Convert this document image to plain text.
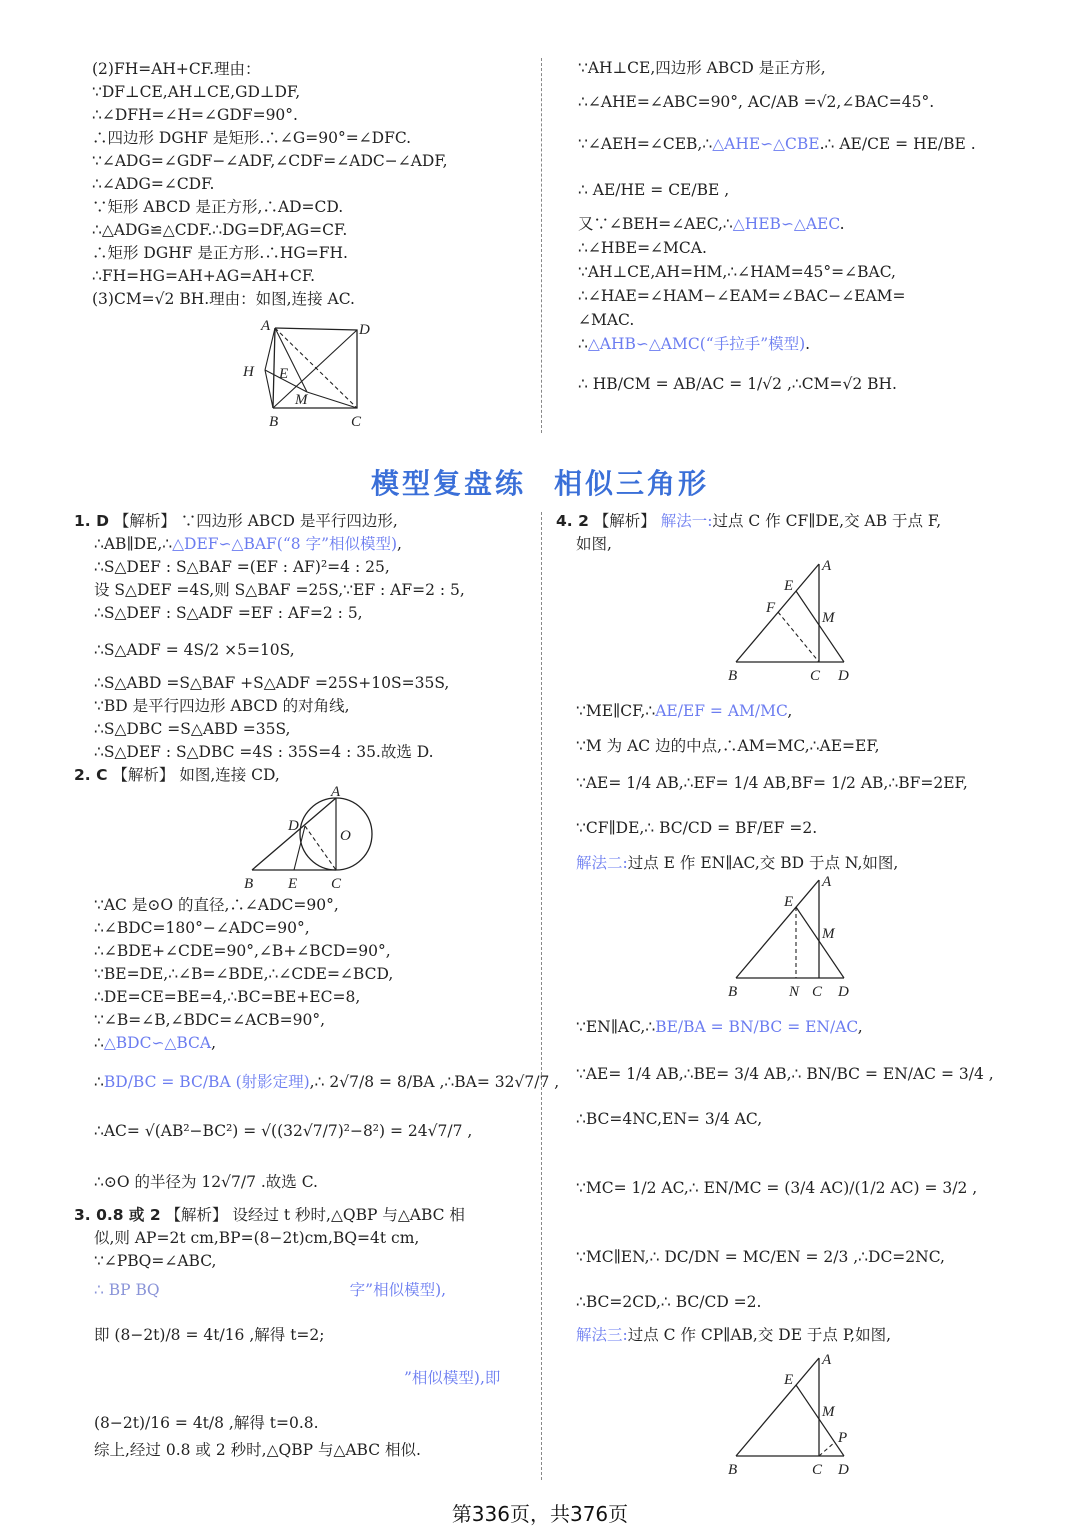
(2)FH=AH+CF.理由：
∵DF⊥CE,AH⊥CE,GD⊥DF,
∴∠DFH=∠H=∠GDF=90°.
∴四边形 DGHF 是矩形.∴∠G=90°=∠DFC.
∵∠ADG=∠GDF−∠ADF,∠CDF=∠ADC−∠ADF,
∴∠ADG=∠CDF.
∵矩形 ABCD 是正方形,∴AD=CD.
∴△ADG≌△CDF.∴DG=DF,AG=CF.
∴矩形 DGHF 是正方形.∴HG=FH.
∴FH=HG=AH+AG=AH+CF.
(3)CM=√2 BH.理由：如图,连接 AC.
A	D
H E
M
B	C
∵AH⊥CE,四边形 ABCD 是正方形,
∴∠AHE=∠ABC=90°, AC/AB =√2,∠BAC=45°.
∵∠AEH=∠CEB,∴△AHE∽△CBE.∴ AE/CE = HE/BE .
∴ AE/HE = CE/BE ,
又∵∠BEH=∠AEC,∴△HEB∽△AEC.
∴∠HBE=∠MCA.
∵AH⊥CE,AH=HM,∴∠HAM=45°=∠BAC,
∴∠HAE=∠HAM−∠EAM=∠BAC−∠EAM=
∠MAC.
∴△AHB∽△AMC(“手拉手”模型).
∴ HB/CM = AB/AC = 1/√2 ,∴CM=√2 BH.
模型复盘练 相似三角形
1. D 【解析】 ∵四边形 ABCD 是平行四边形,
∴AB∥DE,∴△DEF∽△BAF(“8 字”相似模型),
∴S△DEF : S△BAF =(EF : AF)²=4 : 25,
设 S△DEF =4S,则 S△BAF =25S,∵EF : AF=2 : 5,
∴S△DEF : S△ADF =EF : AF=2 : 5,
∴S△ADF = 4S/2 ×5=10S,
∴S△ABD =S△BAF +S△ADF =25S+10S=35S,
∵BD 是平行四边形 ABCD 的对角线,
∴S△DBC =S△ABD =35S,
∴S△DEF : S△DBC =4S : 35S=4 : 35.故选 D.
2. C 【解析】 如图,连接 CD,
A
D
O
B E C
∵AC 是⊙O 的直径,∴∠ADC=90°,
∴∠BDC=180°−∠ADC=90°,
∴∠BDE+∠CDE=90°,∠B+∠BCD=90°,
∵BE=DE,∴∠B=∠BDE,∴∠CDE=∠BCD,
∴DE=CE=BE=4,∴BC=BE+EC=8,
∵∠B=∠B,∠BDC=∠ACB=90°,
∴△BDC∽△BCA,
∴BD/BC = BC/BA (射影定理),∴ 2√7/8 = 8/BA ,∴BA= 32√7/7 ,
∴AC= √(AB²−BC²) = √((32√7/7)²−8²) = 24√7/7 ,
∴⊙O 的半径为 12√7/7 .故选 C.
3. 0.8 或 2 【解析】 设经过 t 秒时,△QBP 与△ABC 相
似,则 AP=2t cm,BP=(8−2t)cm,BQ=4t cm,
∵∠PBQ=∠ABC,
∴ BP BQ	字”相似模型),
即 (8−2t)/8 = 4t/16 ,解得 t=2;
”相似模型),即
(8−2t)/16 = 4t/8 ,解得 t=0.8.
综上,经过 0.8 或 2 秒时,△QBP 与△ABC 相似.
4. 2 【解析】 解法一:过点 C 作 CF∥DE,交 AB 于点 F,
如图,
A
E
F
M
B	C D
∵ME∥CF,∴AE/EF = AM/MC,
∵M 为 AC 边的中点,∴AM=MC,∴AE=EF,
∵AE= 1/4 AB,∴EF= 1/4 AB,BF= 1/2 AB,∴BF=2EF,
∵CF∥DE,∴ BC/CD = BF/EF =2.
解法二:过点 E 作 EN∥AC,交 BD 于点 N,如图,
A
E
M
B	N C D
∵EN∥AC,∴BE/BA = BN/BC = EN/AC,
∵AE= 1/4 AB,∴BE= 3/4 AB,∴ BN/BC = EN/AC = 3/4 ,
∴BC=4NC,EN= 3/4 AC,
∵MC= 1/2 AC,∴ EN/MC = (3/4 AC)/(1/2 AC) = 3/2 ,
∵MC∥EN,∴ DC/DN = MC/EN = 2/3 ,∴DC=2NC,
∴BC=2CD,∴ BC/CD =2.
解法三:过点 C 作 CP∥AB,交 DE 于点 P,如图,
A
E
M
P
B	C D
第336页，共376页
